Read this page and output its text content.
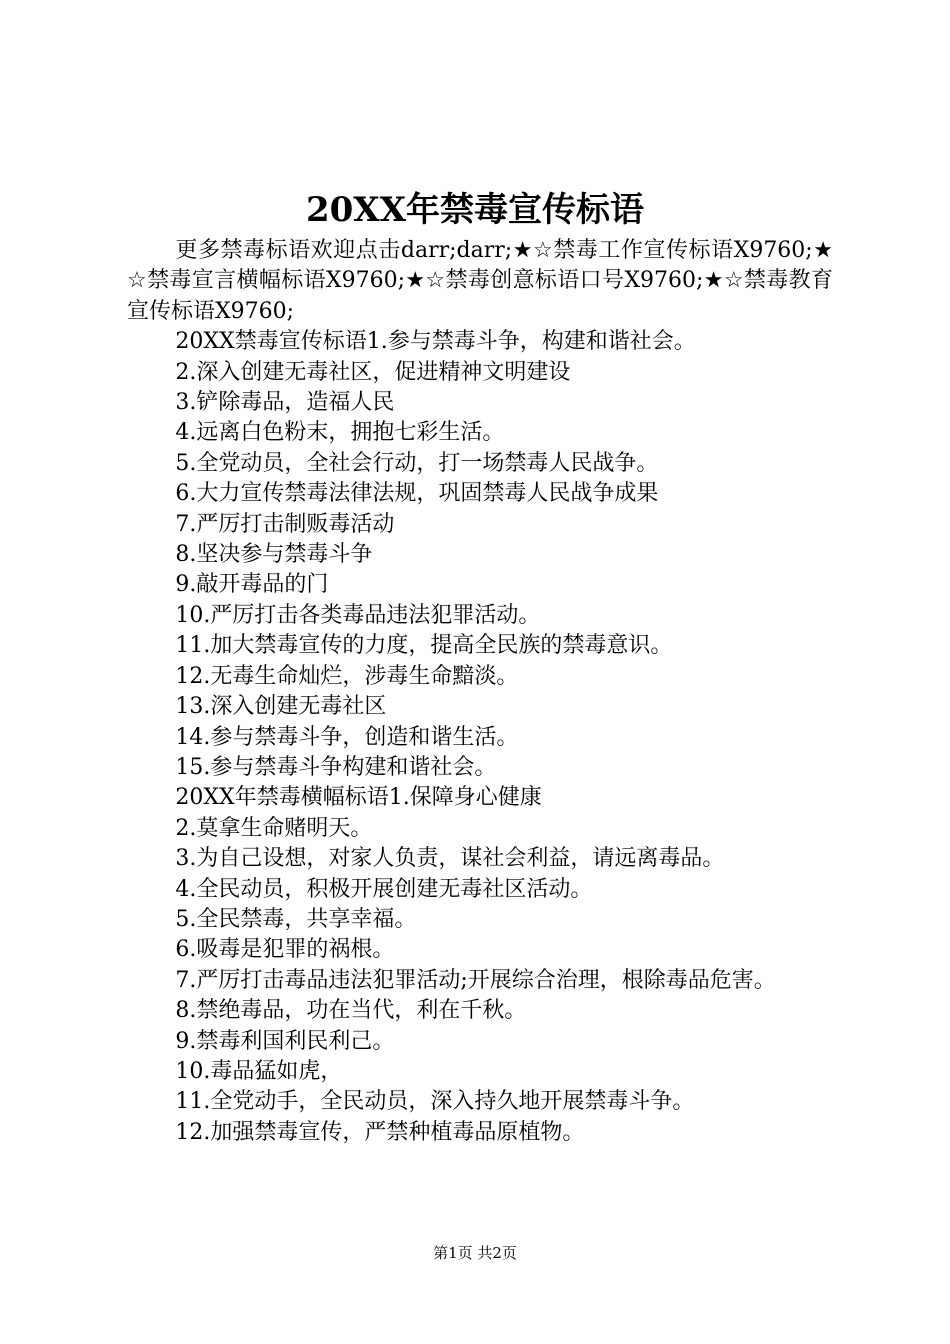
20XX年禁毒宣传标语

更多禁毒标语欢迎点击darr;darr;★☆禁毒工作宣传标语X9760;★☆禁毒宣言横幅标语X9760;★☆禁毒创意标语口号X9760;★☆禁毒教育宣传标语X9760;

20XX禁毒宣传标语1.参与禁毒斗争，构建和谐社会。

2.深入创建无毒社区，促进精神文明建设

3.铲除毒品，造福人民

4.远离白色粉末，拥抱七彩生活。

5.全党动员，全社会行动，打一场禁毒人民战争。

6.大力宣传禁毒法律法规，巩固禁毒人民战争成果

7.严厉打击制贩毒活动

8.坚决参与禁毒斗争

9.敲开毒品的门

10.严厉打击各类毒品违法犯罪活动。

11.加大禁毒宣传的力度，提高全民族的禁毒意识。

12.无毒生命灿烂，涉毒生命黯淡。

13.深入创建无毒社区

14.参与禁毒斗争，创造和谐生活。

15.参与禁毒斗争构建和谐社会。

20XX年禁毒横幅标语1.保障身心健康

2.莫拿生命赌明天。

3.为自己设想，对家人负责，谋社会利益，请远离毒品。

4.全民动员，积极开展创建无毒社区活动。

5.全民禁毒，共享幸福。

6.吸毒是犯罪的祸根。

7.严厉打击毒品违法犯罪活动;开展综合治理，根除毒品危害。

8.禁绝毒品，功在当代，利在千秋。

9.禁毒利国利民利己。

10.毒品猛如虎，

11.全党动手，全民动员，深入持久地开展禁毒斗争。

12.加强禁毒宣传，严禁种植毒品原植物。

第1页 共2页
